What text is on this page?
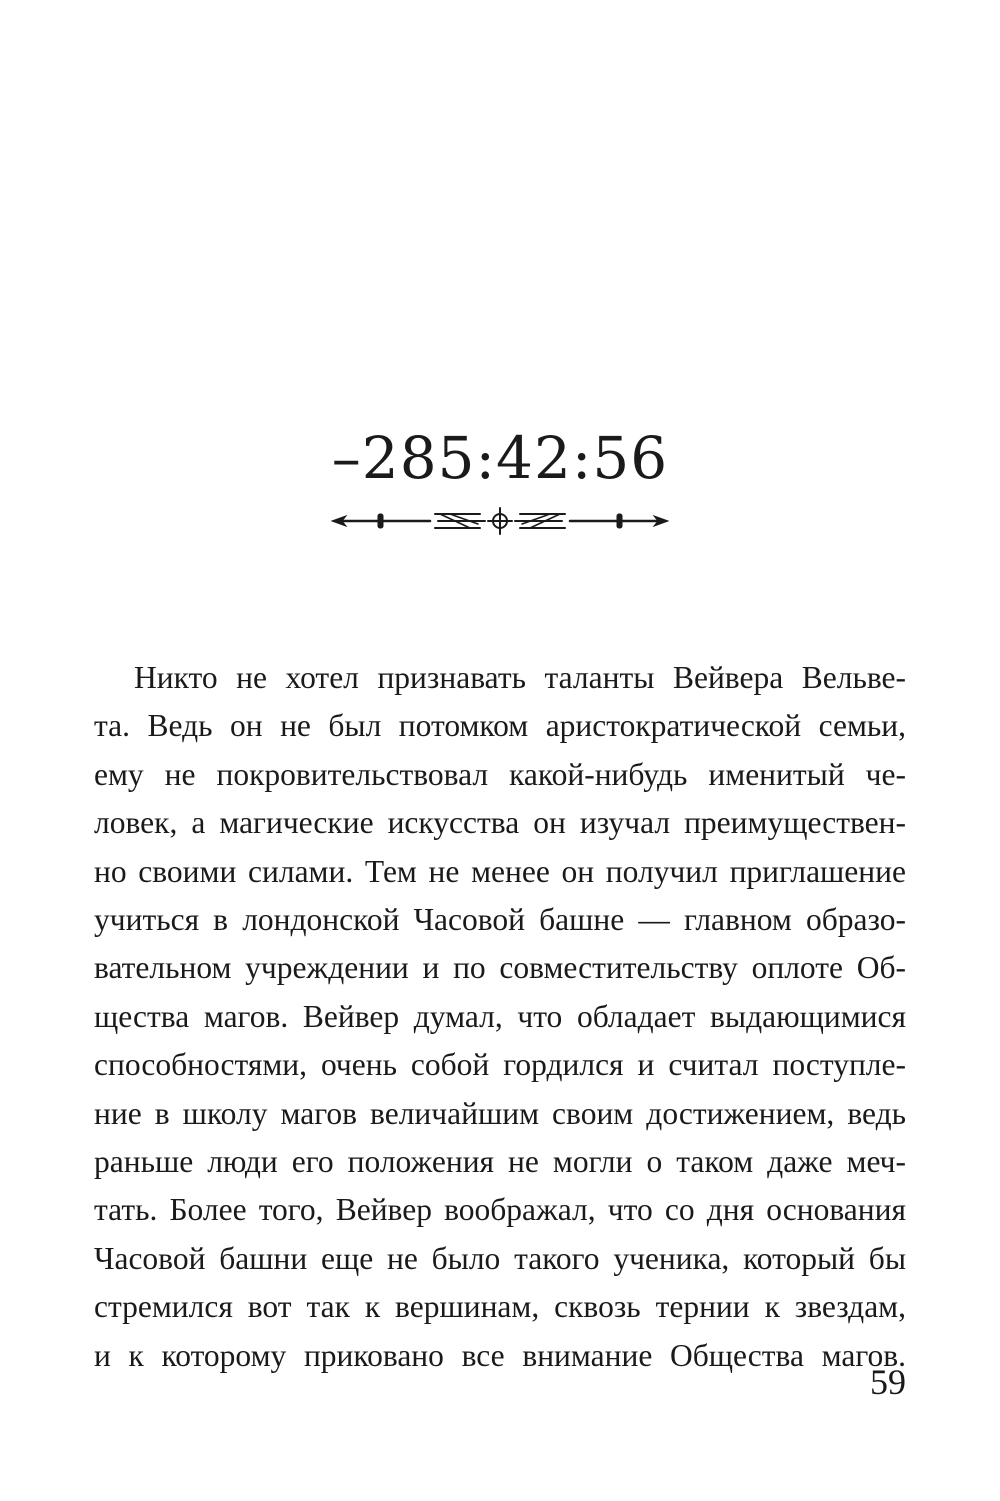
–285:42:56
Никто не хотел признавать таланты Вейвера Вельве-
та. Ведь он не был потомком аристократической семьи,
ему не покровительствовал какой-нибудь именитый че-
ловек, а магические искусства он изучал преимуществен-
но своими силами. Тем не менее он получил приглашение
учиться в лондонской Часовой башне — главном образо-
вательном учреждении и по совместительству оплоте Об-
щества магов. Вейвер думал, что обладает выдающимися
способностями, очень собой гордился и считал поступле-
ние в школу магов величайшим своим достижением, ведь
раньше люди его положения не могли о таком даже меч-
тать. Более того, Вейвер воображал, что со дня основания
Часовой башни еще не было такого ученика, который бы
стремился вот так к вершинам, сквозь тернии к звездам,
и к которому приковано все внимание Общества магов.
59
